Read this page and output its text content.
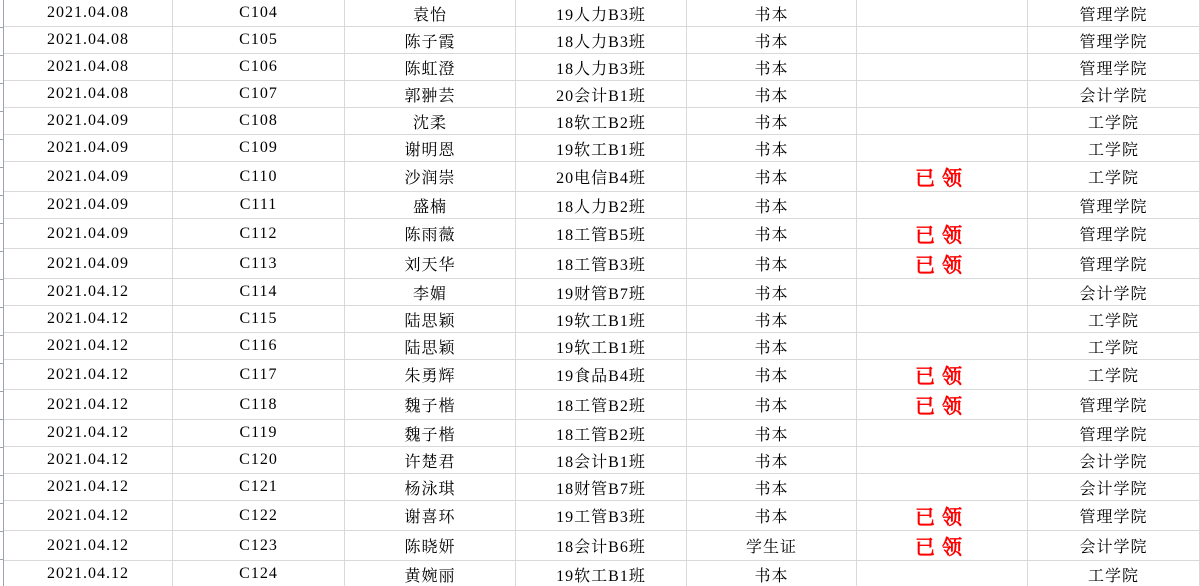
2021.04.08	C104	袁怡	19人力B3班	书本		管理学院
2021.04.08	C105	陈子霞	18人力B3班	书本		管理学院
2021.04.08	C106	陈虹澄	18人力B3班	书本		管理学院
2021.04.08	C107	郭翀芸	20会计B1班	书本		会计学院
2021.04.09	C108	沈柔	18软工B2班	书本		工学院
2021.04.09	C109	谢明恩	19软工B1班	书本		工学院
2021.04.09	C110	沙润崇	20电信B4班	书本	已领	工学院
2021.04.09	C111	盛楠	18人力B2班	书本		管理学院
2021.04.09	C112	陈雨薇	18工管B5班	书本	已领	管理学院
2021.04.09	C113	刘天华	18工管B3班	书本	已领	管理学院
2021.04.12	C114	李媚	19财管B7班	书本		会计学院
2021.04.12	C115	陆思颖	19软工B1班	书本		工学院
2021.04.12	C116	陆思颖	19软工B1班	书本		工学院
2021.04.12	C117	朱勇辉	19食品B4班	书本	已领	工学院
2021.04.12	C118	魏子楷	18工管B2班	书本	已领	管理学院
2021.04.12	C119	魏子楷	18工管B2班	书本		管理学院
2021.04.12	C120	许楚君	18会计B1班	书本		会计学院
2021.04.12	C121	杨泳琪	18财管B7班	书本		会计学院
2021.04.12	C122	谢喜环	19工管B3班	书本	已领	管理学院
2021.04.12	C123	陈晓妍	18会计B6班	学生证	已领	会计学院
2021.04.12	C124	黄婉丽	19软工B1班	书本		工学院
